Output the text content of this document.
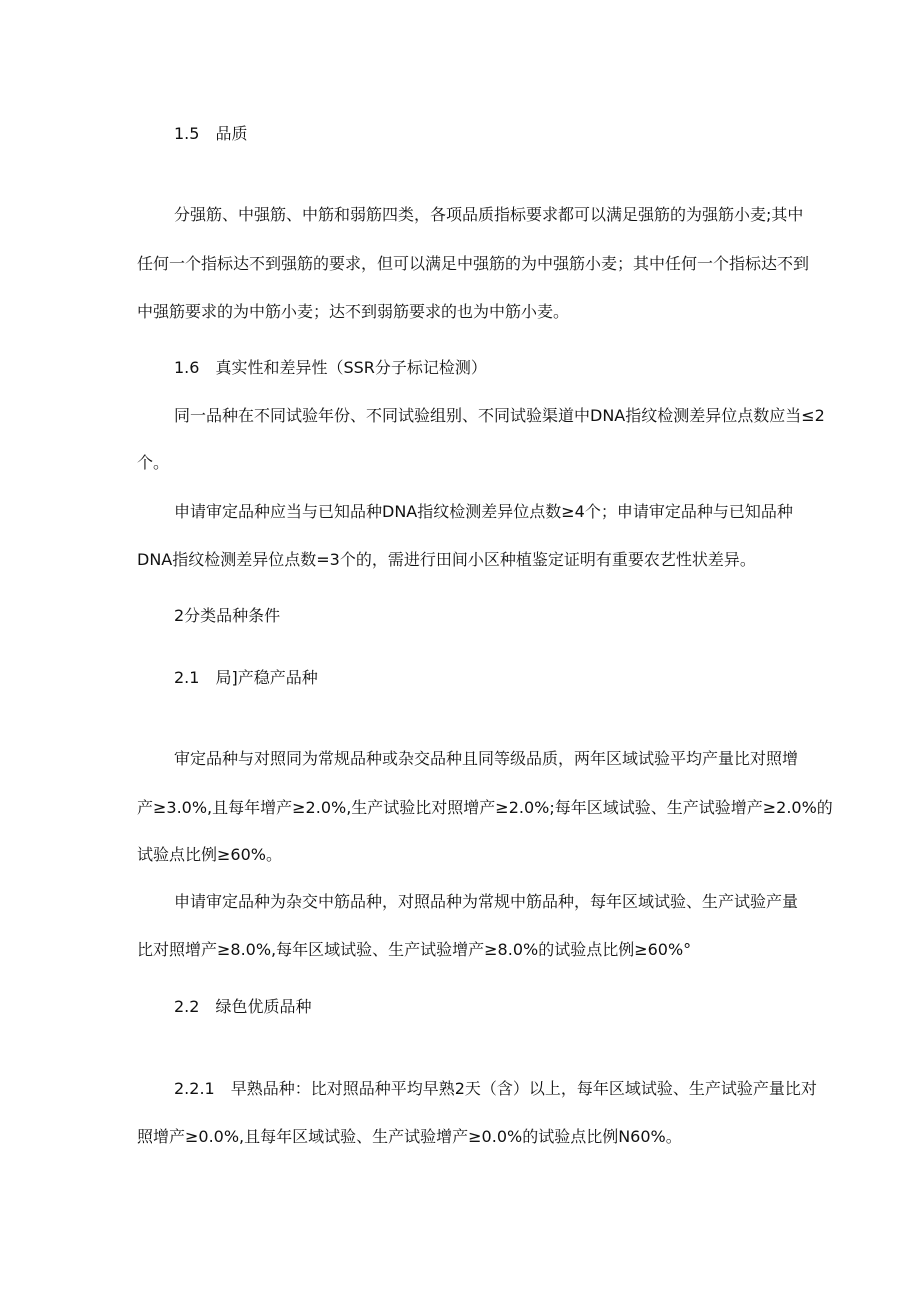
1.5　品质
分强筋、中强筋、中筋和弱筋四类，各项品质指标要求都可以满足强筋的为强筋小麦;其中
任何一个指标达不到强筋的要求，但可以满足中强筋的为中强筋小麦；其中任何一个指标达不到
中强筋要求的为中筋小麦；达不到弱筋要求的也为中筋小麦。
1.6　真实性和差异性（SSR分子标记检测）
同一品种在不同试验年份、不同试验组别、不同试验渠道中DNA指纹检测差异位点数应当≤2
个。
申请审定品种应当与已知品种DNA指纹检测差异位点数≥4个；申请审定品种与已知品种
DNA指纹检测差异位点数=3个的，需进行田间小区种植鉴定证明有重要农艺性状差异。
2分类品种条件
2.1　局]产稳产品种
审定品种与对照同为常规品种或杂交品种且同等级品质，两年区域试验平均产量比对照增
产≥3.0%,且每年增产≥2.0%,生产试验比对照增产≥2.0%;每年区域试验、生产试验增产≥2.0%的
试验点比例≥60%。
申请审定品种为杂交中筋品种，对照品种为常规中筋品种，每年区域试验、生产试验产量
比对照增产≥8.0%,每年区域试验、生产试验增产≥8.0%的试验点比例≥60%°
2.2　绿色优质品种
2.2.1　早熟品种：比对照品种平均早熟2天（含）以上，每年区域试验、生产试验产量比对
照增产≥0.0%,且每年区域试验、生产试验增产≥0.0%的试验点比例N60%。
